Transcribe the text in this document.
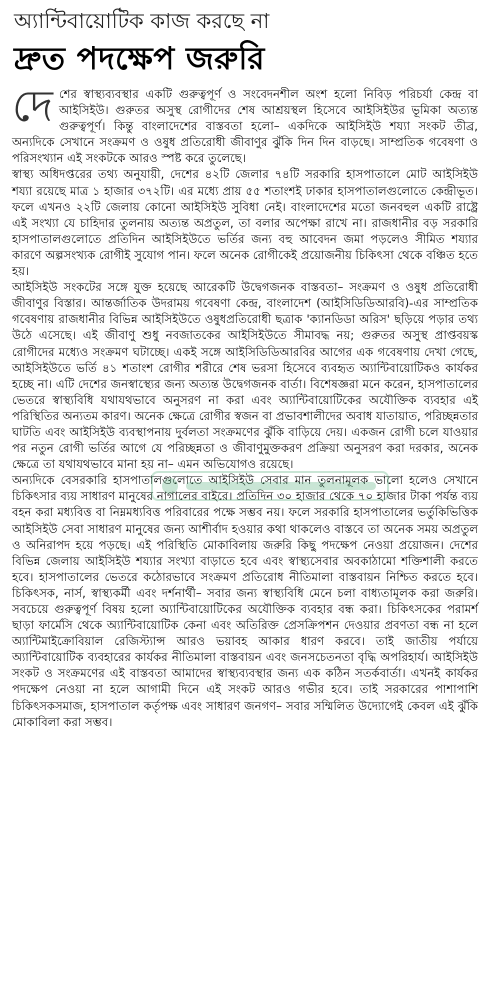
অ্যান্টিবায়োটিক কাজ করছে না
দ্রুত পদক্ষেপ জরুরি

দেশের স্বাস্থ্যব্যবস্থার একটি গুরুত্বপূর্ণ ও সংবেদনশীল অংশ হলো নিবিড় পরিচর্যা কেন্দ্র বা আইসিইউ। গুরুতর অসুস্থ রোগীদের শেষ আশ্রয়স্থল হিসেবে আইসিইউর ভূমিকা অত্যন্ত গুরুত্বপূর্ণ। কিন্তু বাংলাদেশের বাস্তবতা হলো– একদিকে আইসিইউ শয্যা সংকট তীব্র, অন্যদিকে সেখানে সংক্রমণ ও ওষুধ প্রতিরোধী জীবাণুর ঝুঁকি দিন দিন বাড়ছে। সাম্প্রতিক গবেষণা ও পরিসংখ্যান এই সংকটকে আরও স্পষ্ট করে তুলেছে।

স্বাস্থ্য অধিদপ্তরের তথ্য অনুযায়ী, দেশের ৪২টি জেলার ৭৪টি সরকারি হাসপাতালে মোট আইসিইউ শয্যা রয়েছে মাত্র ১ হাজার ৩৭২টি। এর মধ্যে প্রায় ৫৫ শতাংশই ঢাকার হাসপাতালগুলোতে কেন্দ্রীভূত। ফলে এখনও ২২টি জেলায় কোনো আইসিইউ সুবিধা নেই। বাংলাদেশের মতো জনবহুল একটি রাষ্ট্রে এই সংখ্যা যে চাহিদার তুলনায় অত্যন্ত অপ্রতুল, তা বলার অপেক্ষা রাখে না। রাজধানীর বড় সরকারি হাসপাতালগুলোতে প্রতিদিন আইসিইউতে ভর্তির জন্য বহু আবেদন জমা পড়লেও সীমিত শয্যার কারণে অল্পসংখ্যক রোগীই সুযোগ পান। ফলে অনেক রোগীকেই প্রয়োজনীয় চিকিৎসা থেকে বঞ্চিত হতে হয়।

আইসিইউ সংকটের সঙ্গে যুক্ত হয়েছে আরেকটি উদ্বেগজনক বাস্তবতা– সংক্রমণ ও ওষুধ প্রতিরোধী জীবাণুর বিস্তার। আন্তর্জাতিক উদরাময় গবেষণা কেন্দ্র, বাংলাদেশ (আইসিডিডিআরবি)-এর সাম্প্রতিক গবেষণায় রাজধানীর বিভিন্ন আইসিইউতে ওষুধপ্রতিরোধী ছত্রাক 'ক্যানডিডা অরিস' ছড়িয়ে পড়ার তথ্য উঠে এসেছে। এই জীবাণু শুধু নবজাতকের আইসিইউতে সীমাবদ্ধ নয়; গুরুতর অসুস্থ প্রাপ্তবয়স্ক রোগীদের মধ্যেও সংক্রমণ ঘটাচ্ছে। একই সঙ্গে আইসিডিডিআরবির আগের এক গবেষণায় দেখা গেছে, আইসিইউতে ভর্তি ৪১ শতাংশ রোগীর শরীরে শেষ ভরসা হিসেবে ব্যবহৃত অ্যান্টিবায়োটিকও কার্যকর হচ্ছে না। এটি দেশের জনস্বাস্থ্যের জন্য অত্যন্ত উদ্বেগজনক বার্তা। বিশেষজ্ঞরা মনে করেন, হাসপাতালের ভেতরে স্বাস্থ্যবিধি যথাযথভাবে অনুসরণ না করা এবং অ্যান্টিবায়োটিকের অযৌক্তিক ব্যবহার এই পরিস্থিতির অন্যতম কারণ। অনেক ক্ষেত্রে রোগীর স্বজন বা প্রভাবশালীদের অবাধ যাতায়াত, পরিচ্ছন্নতার ঘাটতি এবং আইসিইউ ব্যবস্থাপনায় দুর্বলতা সংক্রমণের ঝুঁকি বাড়িয়ে দেয়। একজন রোগী চলে যাওয়ার পর নতুন রোগী ভর্তির আগে যে পরিচ্ছন্নতা ও জীবাণুমুক্তকরণ প্রক্রিয়া অনুসরণ করা দরকার, অনেক ক্ষেত্রে তা যথাযথভাবে মানা হয় না– এমন অভিযোগও রয়েছে।

অন্যদিকে বেসরকারি হাসপাতালগুলোতে আইসিইউ সেবার মান তুলনামূলক ভালো হলেও সেখানে চিকিৎসার ব্যয় সাধারণ মানুষের নাগালের বাইরে। প্রতিদিন ৩০ হাজার থেকে ৭০ হাজার টাকা পর্যন্ত ব্যয় বহন করা মধ্যবিত্ত বা নিম্নমধ্যবিত্ত পরিবারের পক্ষে সম্ভব নয়। ফলে সরকারি হাসপাতালের ভর্তুকিভিত্তিক আইসিইউ সেবা সাধারণ মানুষের জন্য আশীর্বাদ হওয়ার কথা থাকলেও বাস্তবে তা অনেক সময় অপ্রতুল ও অনিরাপদ হয়ে পড়ছে। এই পরিস্থিতি মোকাবিলায় জরুরি কিছু পদক্ষেপ নেওয়া প্রয়োজন। দেশের বিভিন্ন জেলায় আইসিইউ শয্যার সংখ্যা বাড়াতে হবে এবং স্বাস্থ্যসেবার অবকাঠামো শক্তিশালী করতে হবে। হাসপাতালের ভেতরে কঠোরভাবে সংক্রমণ প্রতিরোধ নীতিমালা বাস্তবায়ন নিশ্চিত করতে হবে। চিকিৎসক, নার্স, স্বাস্থ্যকর্মী এবং দর্শনার্থী– সবার জন্য স্বাস্থ্যবিধি মেনে চলা বাধ্যতামূলক করা জরুরি। সবচেয়ে গুরুত্বপূর্ণ বিষয় হলো অ্যান্টিবায়োটিকের অযৌক্তিক ব্যবহার বন্ধ করা। চিকিৎসকের পরামর্শ ছাড়া ফার্মেসি থেকে অ্যান্টিবায়োটিক কেনা এবং অতিরিক্ত প্রেসক্রিপশন দেওয়ার প্রবণতা বন্ধ না হলে অ্যান্টিমাইক্রোবিয়াল রেজিস্ট্যান্স আরও ভয়াবহ আকার ধারণ করবে। তাই জাতীয় পর্যায়ে অ্যান্টিবায়োটিক ব্যবহারের কার্যকর নীতিমালা বাস্তবায়ন এবং জনসচেতনতা বৃদ্ধি অপরিহার্য। আইসিইউ সংকট ও সংক্রমণের এই বাস্তবতা আমাদের স্বাস্থ্যব্যবস্থার জন্য এক কঠিন সতর্কবার্তা। এখনই কার্যকর পদক্ষেপ নেওয়া না হলে আগামী দিনে এই সংকট আরও গভীর হবে। তাই সরকারের পাশাপাশি চিকিৎসকসমাজ, হাসপাতাল কর্তৃপক্ষ এবং সাধারণ জনগণ– সবার সম্মিলিত উদ্যোগেই কেবল এই ঝুঁকি মোকাবিলা করা সম্ভব।
